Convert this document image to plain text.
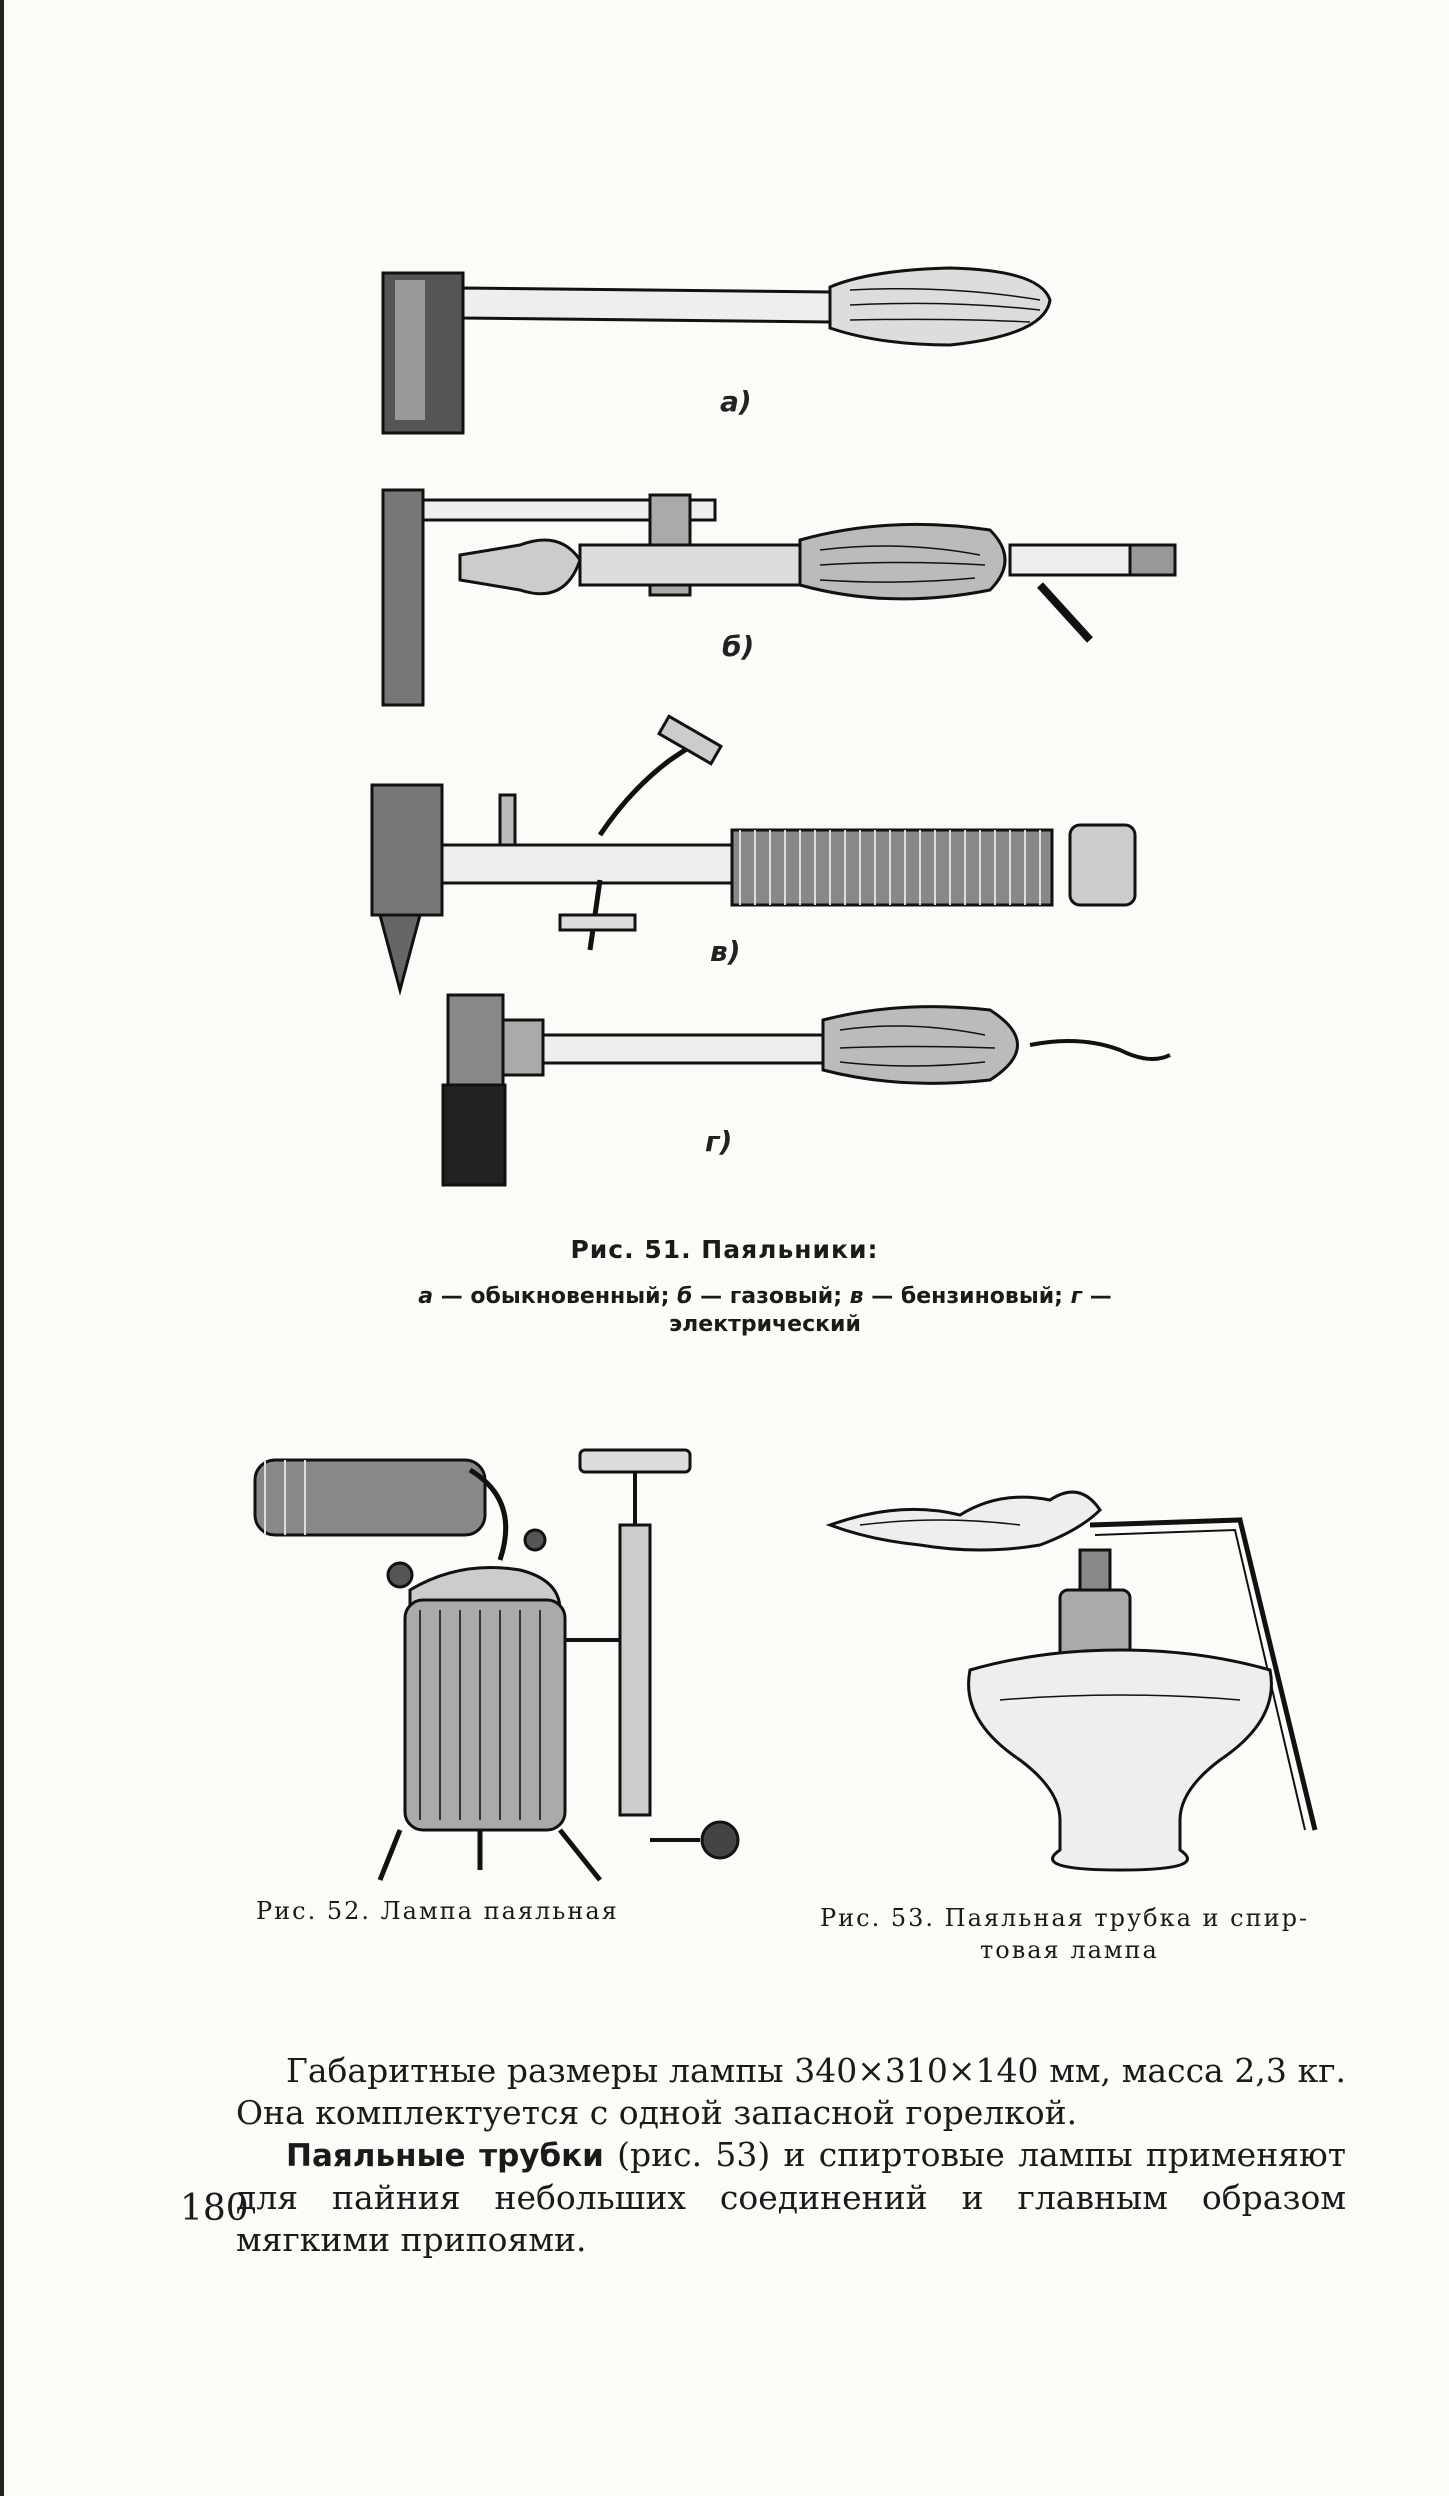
а)
б)
в)
г)
Рис. 51. Паяльники:
а — обыкновенный; б — газовый; в — бензиновый; г —
электрический
Рис. 52. Лампа паяльная	Рис. 53. Паяльная трубка и спир-
товая лампа

Габаритные размеры лампы 340×310×140 мм, масса 2,3 кг. Она комплектуется с одной запасной горелкой.

Паяльные трубки (рис. 53) и спиртовые лампы применяют для пайния небольших соединений и главным образом мягкими припоями.

180
